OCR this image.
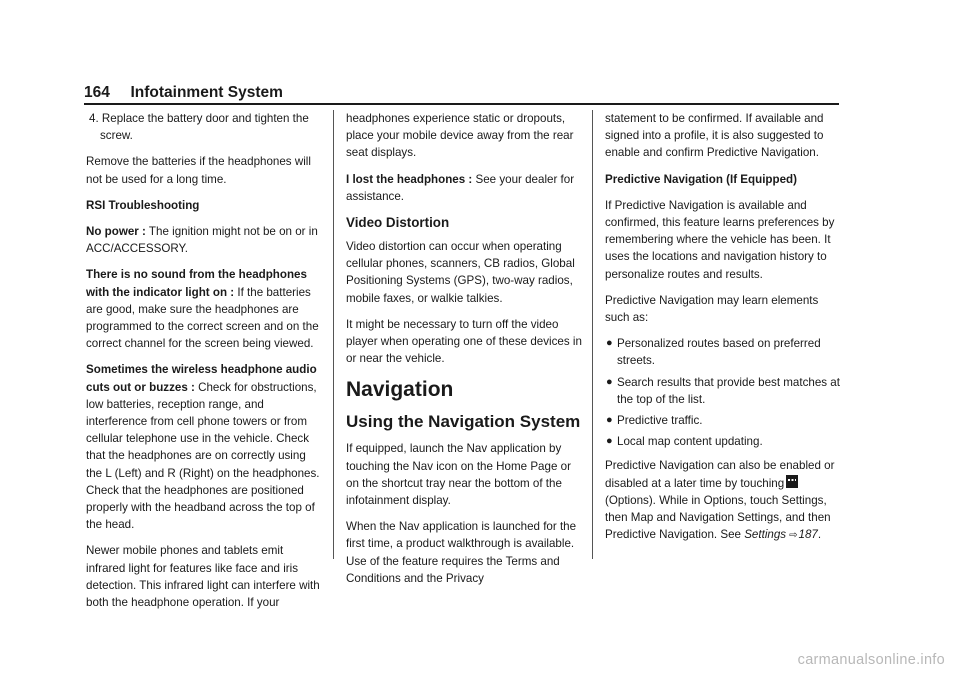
164 Infotainment System

4. Replace the battery door and tighten the screw.

Remove the batteries if the headphones will not be used for a long time.

RSI Troubleshooting

No power : The ignition might not be on or in ACC/ACCESSORY.

There is no sound from the headphones with the indicator light on : If the batteries are good, make sure the headphones are programmed to the correct screen and on the correct channel for the screen being viewed.

Sometimes the wireless headphone audio cuts out or buzzes : Check for obstructions, low batteries, reception range, and interference from cell phone towers or from cellular telephone use in the vehicle. Check that the headphones are on correctly using the L (Left) and R (Right) on the headphones. Check that the headphones are positioned properly with the headband across the top of the head.

Newer mobile phones and tablets emit infrared light for features like face and iris detection. This infrared light can interfere with both the headphone operation. If your

headphones experience static or dropouts, place your mobile device away from the rear seat displays.

I lost the headphones : See your dealer for assistance.

Video Distortion

Video distortion can occur when operating cellular phones, scanners, CB radios, Global Positioning Systems (GPS), two-way radios, mobile faxes, or walkie talkies.

It might be necessary to turn off the video player when operating one of these devices in or near the vehicle.

Navigation
Using the Navigation System

If equipped, launch the Nav application by touching the Nav icon on the Home Page or on the shortcut tray near the bottom of the infotainment display.

When the Nav application is launched for the first time, a product walkthrough is available. Use of the feature requires the Terms and Conditions and the Privacy

statement to be confirmed. If available and signed into a profile, it is also suggested to enable and confirm Predictive Navigation.

Predictive Navigation (If Equipped)

If Predictive Navigation is available and confirmed, this feature learns preferences by remembering where the vehicle has been. It uses the locations and navigation history to personalize routes and results.

Predictive Navigation may learn elements such as:

● Personalized routes based on preferred streets.
● Search results that provide best matches at the top of the list.
● Predictive traffic.
● Local map content updating.

Predictive Navigation can also be enabled or disabled at a later time by touching (Options). While in Options, touch Settings, then Map and Navigation Settings, and then Predictive Navigation. See Settings ⇨187.

carmanualsonline.info
